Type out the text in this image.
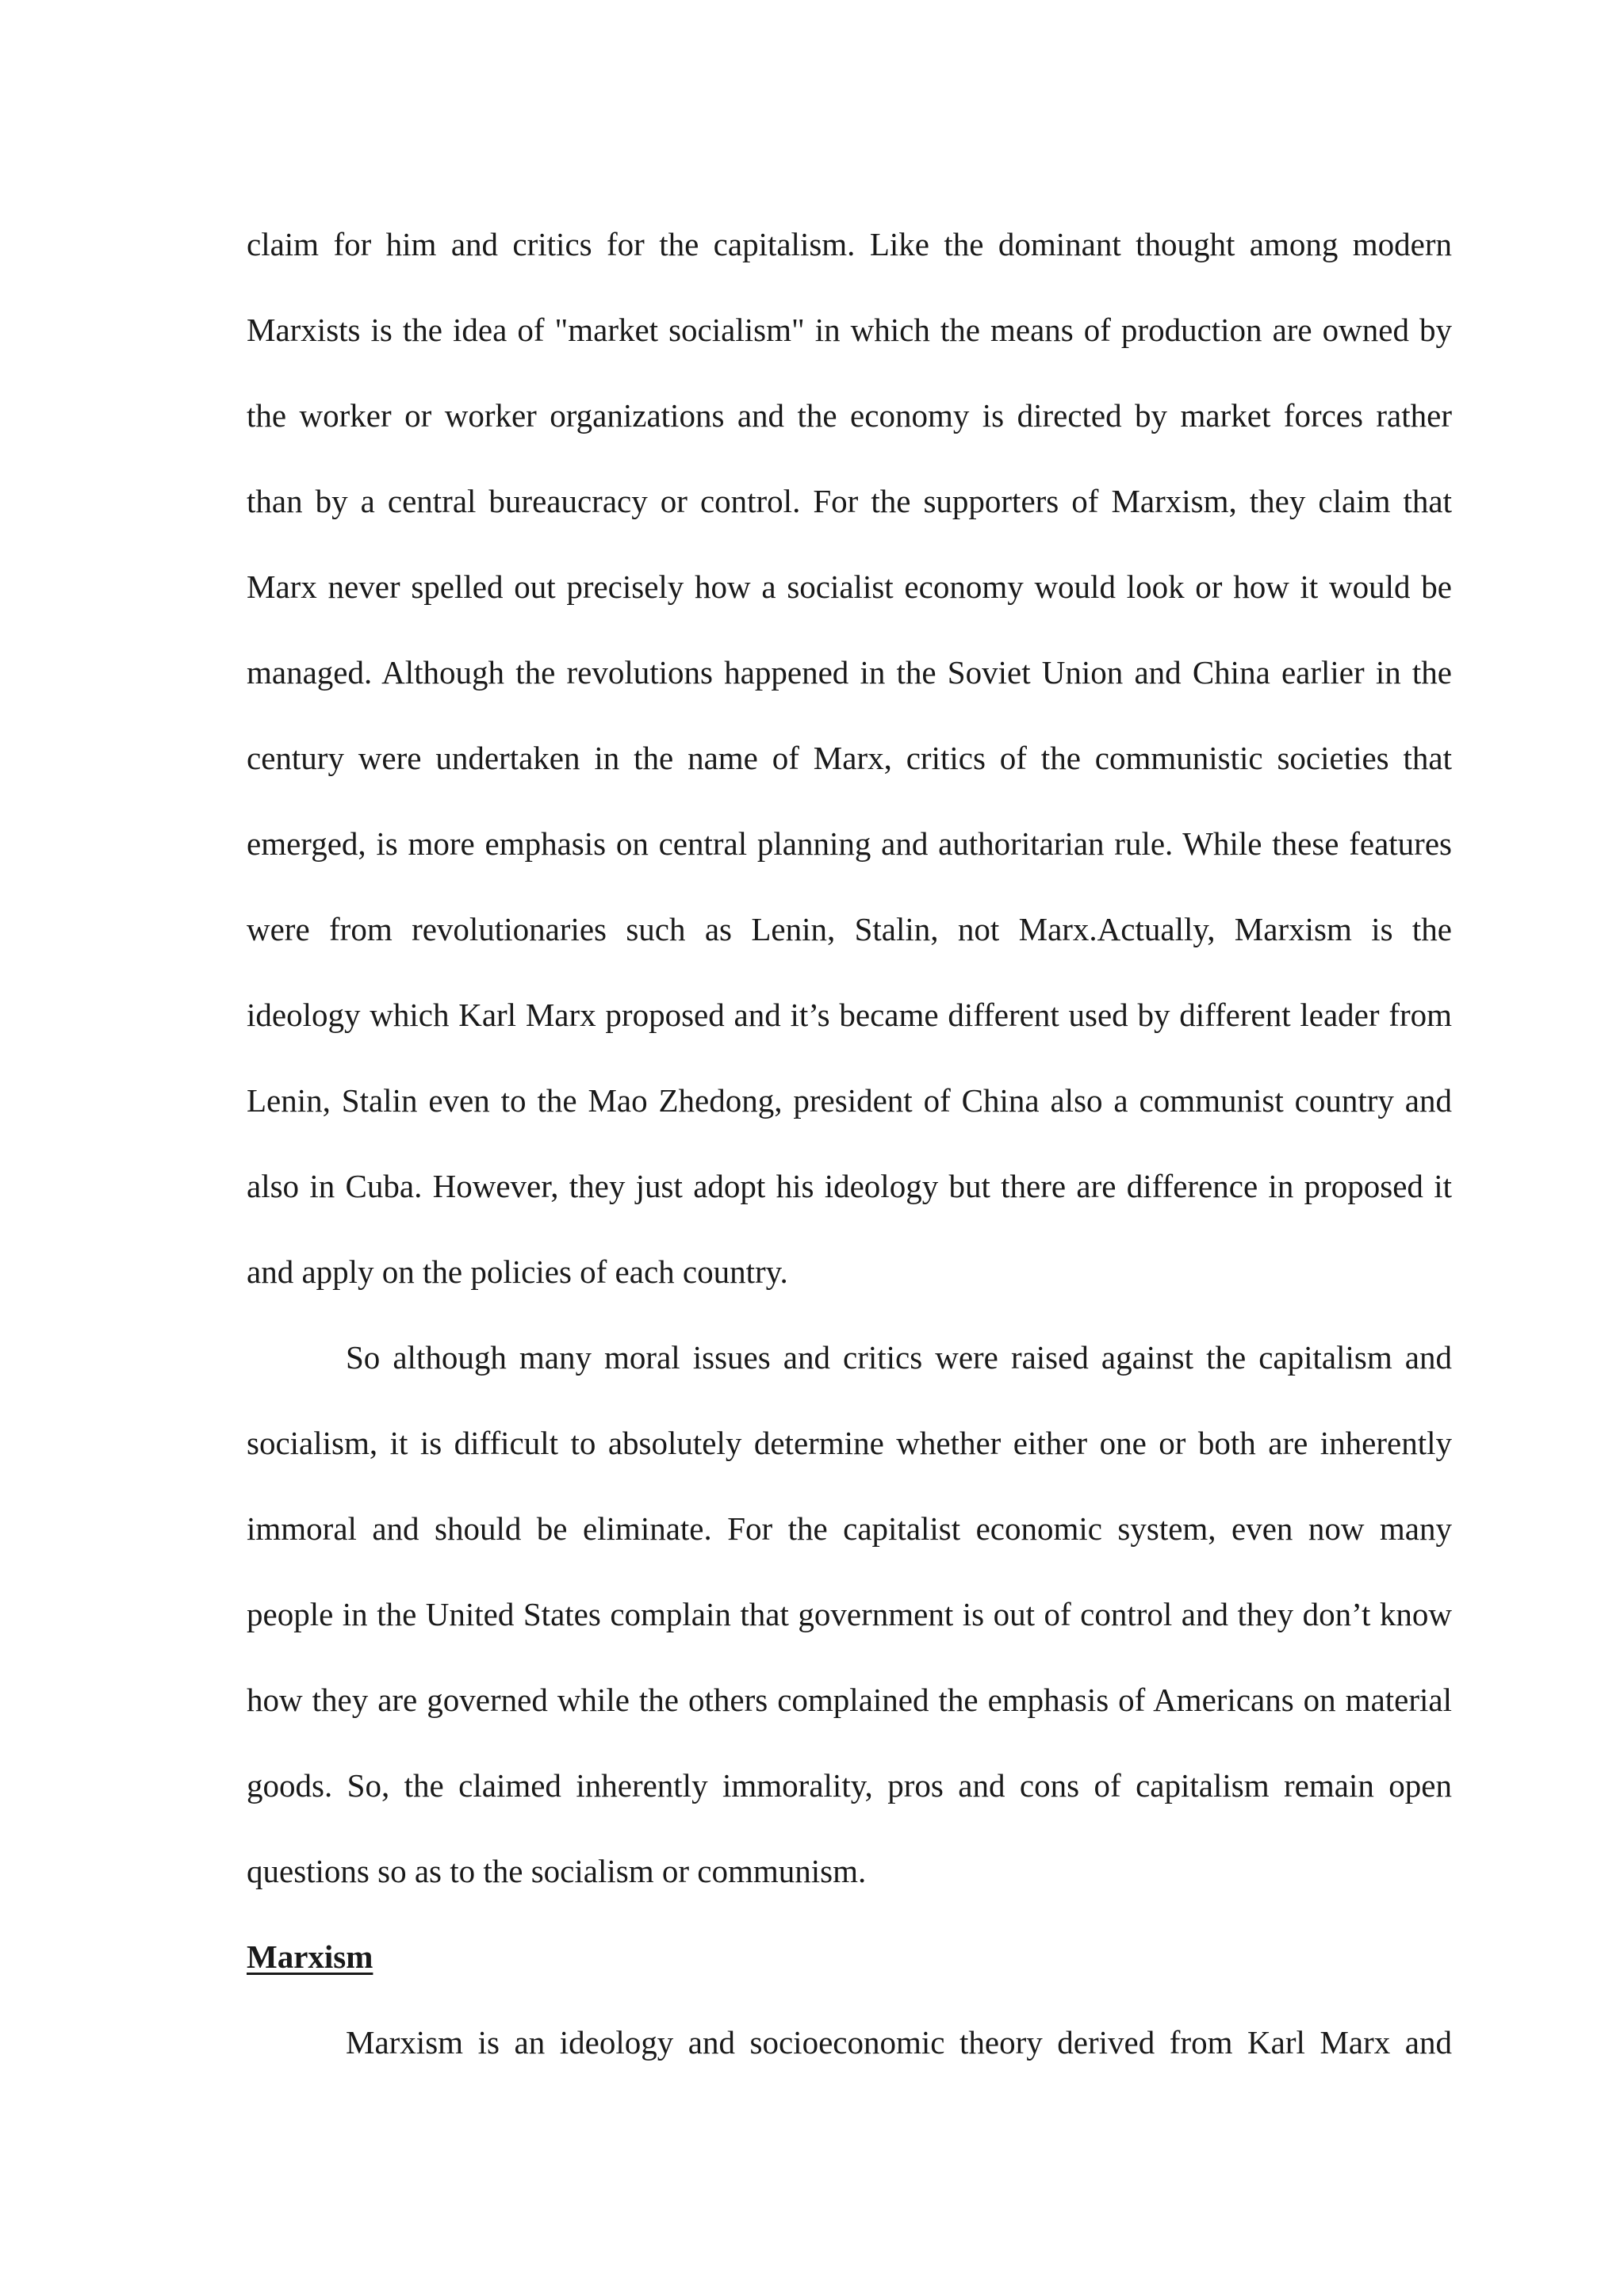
claim for him and critics for the capitalism. Like the dominant thought among modern
Marxists is the idea of "market socialism" in which the means of production are owned by
the worker or worker organizations and the economy is directed by market forces rather
than by a central bureaucracy or control. For the supporters of Marxism, they claim that
Marx never spelled out precisely how a socialist economy would look or how it would be
managed. Although the revolutions happened in the Soviet Union and China earlier in the
century were undertaken in the name of Marx, critics of the communistic societies that
emerged, is more emphasis on central planning and authoritarian rule. While these features
were from revolutionaries such as Lenin, Stalin, not Marx.Actually, Marxism is the
ideology which Karl Marx proposed and it’s became different used by different leader from
Lenin, Stalin even to the Mao Zhedong, president of China also a communist country and
also in Cuba. However, they just adopt his ideology but there are difference in proposed it
and apply on the policies of each country.
So although many moral issues and critics were raised against the capitalism and
socialism, it is difficult to absolutely determine whether either one or both are inherently
immoral and should be eliminate. For the capitalist economic system, even now many
people in the United States complain that government is out of control and they don’t know
how they are governed while the others complained the emphasis of Americans on material
goods. So, the claimed inherently immorality, pros and cons of capitalism remain open
questions so as to the socialism or communism.
Marxism
Marxism is an ideology and socioeconomic theory derived from Karl Marx and
